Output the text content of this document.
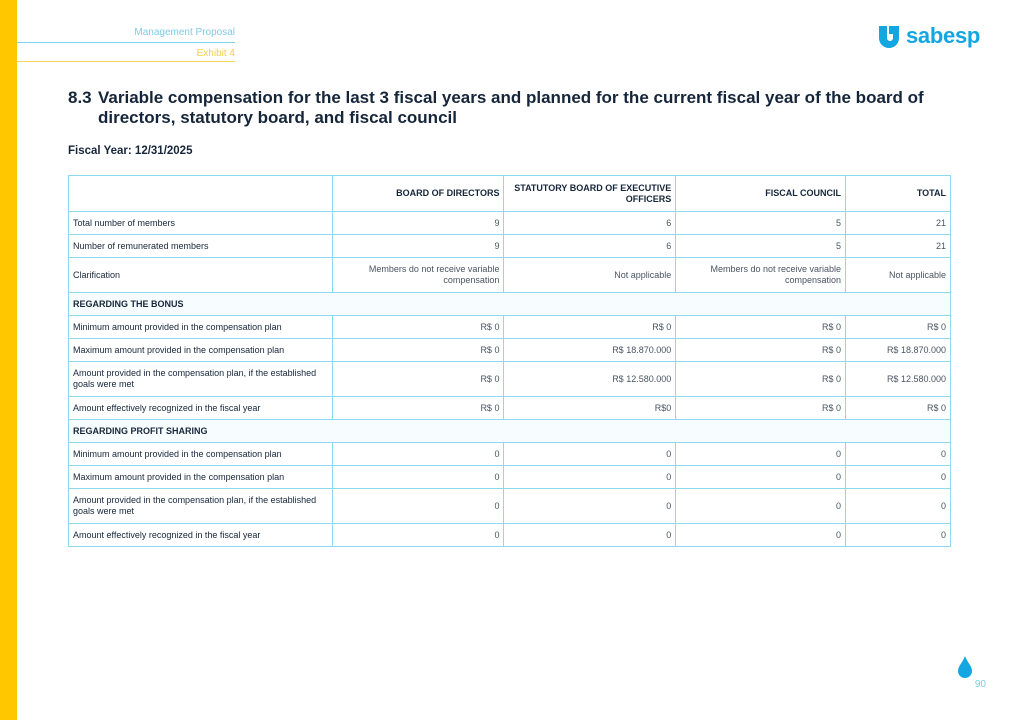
Management Proposal
Exhibit 4
sabesp
8.3 Variable compensation for the last 3 fiscal years and planned for the current fiscal year of the board of
directors, statutory board, and fiscal council
Fiscal Year: 12/31/2025
	BOARD OF DIRECTORS	STATUTORY BOARD OF EXECUTIVE OFFICERS	FISCAL COUNCIL	TOTAL
Total number of members	9	6	5	21
Number of remunerated members	9	6	5	21
Clarification	Members do not receive variable compensation	Not applicable	Members do not receive variable compensation	Not applicable
REGARDING THE BONUS				
Minimum amount provided in the compensation plan	R$ 0	R$ 0	R$ 0	R$ 0
Maximum amount provided in the compensation plan	R$ 0	R$ 18.870.000	R$ 0	R$ 18.870.000
Amount provided in the compensation plan, if the established goals were met	R$ 0	R$ 12.580.000	R$ 0	R$ 12.580.000
Amount effectively recognized in the fiscal year	R$ 0	R$0	R$ 0	R$ 0
REGARDING PROFIT SHARING				
Minimum amount provided in the compensation plan	0	0	0	0
Maximum amount provided in the compensation plan	0	0	0	0
Amount provided in the compensation plan, if the established goals were met	0	0	0	0
Amount effectively recognized in the fiscal year	0	0	0	0
90
